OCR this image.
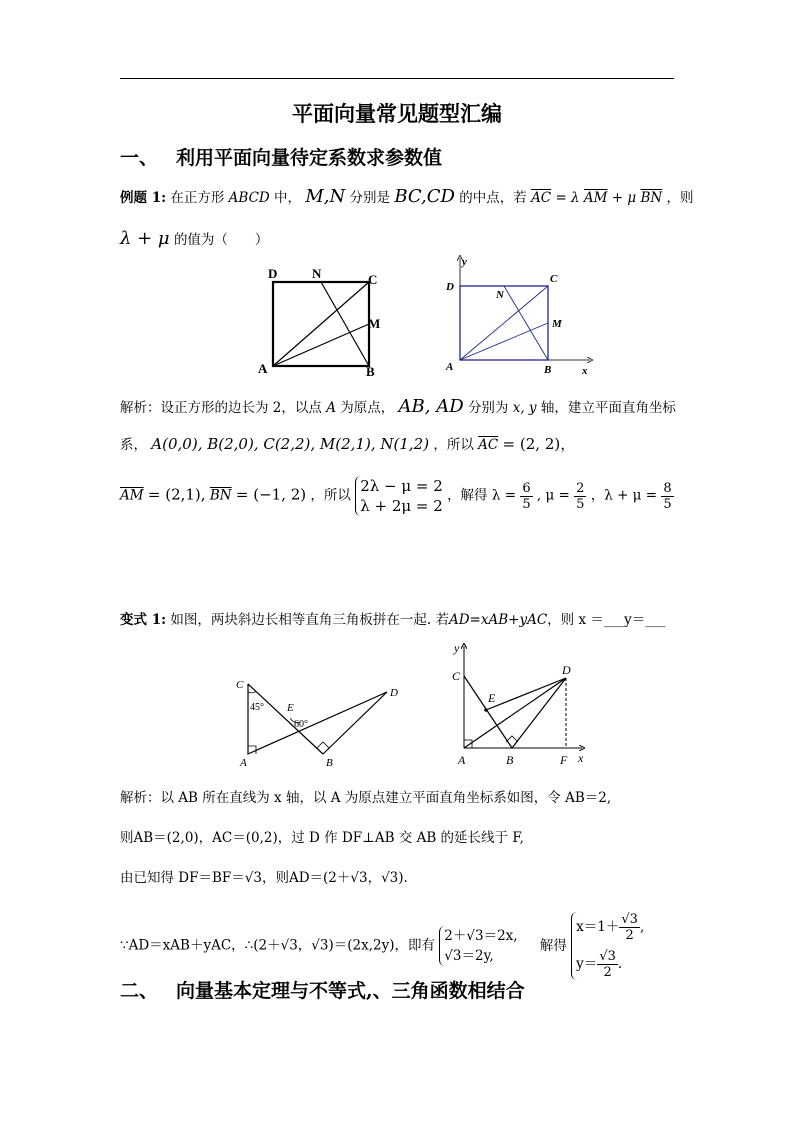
平面向量常见题型汇编
一、 利用平面向量待定系数求参数值
例题 1: 在正方形 ABCD 中， M,N 分别是 BC,CD 的中点，若 $\overline{AC} = \lambda$ $\overline{AM} + \mu$ $\overline{BN}$ ，则
λ + μ 的值为（　　）
D	N	C
M
A	B
y
D
C
N
M
A	B	x
解析：设正方形的边长为 2，以点 A 为原点， AB, AD 分别为 x, y 轴，建立平面直角坐标
系， A(0,0), B(2,0), C(2,2), M(2,1), N(1,2) ，所以 $\overline{AC} = (2$, 2)，
$\overline{AM} = (2,1)$, $\overline{BN} = (-1$, 2) ，所以
2λ − μ = 2
λ + 2μ = 2
，解得 $\lambda = \frac{6}{5}$ , $\mu = \frac{2}{5}$ ，$\lambda + \mu = \frac{8}{5}$
变式 1: 如图，两块斜边长相等直角三角板拼在一起. 若AD=xAB+yAC，则 x ＝___y＝___
C
45° E
60°
D
A	B
y
C
E
D
A	B	F x
解析：以 AB 所在直线为 x 轴，以 A 为原点建立平面直角坐标系如图，令 AB＝2,
则AB＝(2,0)，AC＝(0,2)，过 D 作 DF⊥AB 交 AB 的延长线于 F,
由已知得 DF＝BF＝√3，则AD＝(2＋√3，√3).
∵AD＝xAB＋yAC，∴(2＋√3，√3)＝(2x,2y)，即有
2＋√3＝2x,
√3＝2y,
解得
$x=1+ \frac{√3}{2}$ ,
$y= \frac{√3}{2}$ .
二、 向量基本定理与不等式,、三角函数相结合
